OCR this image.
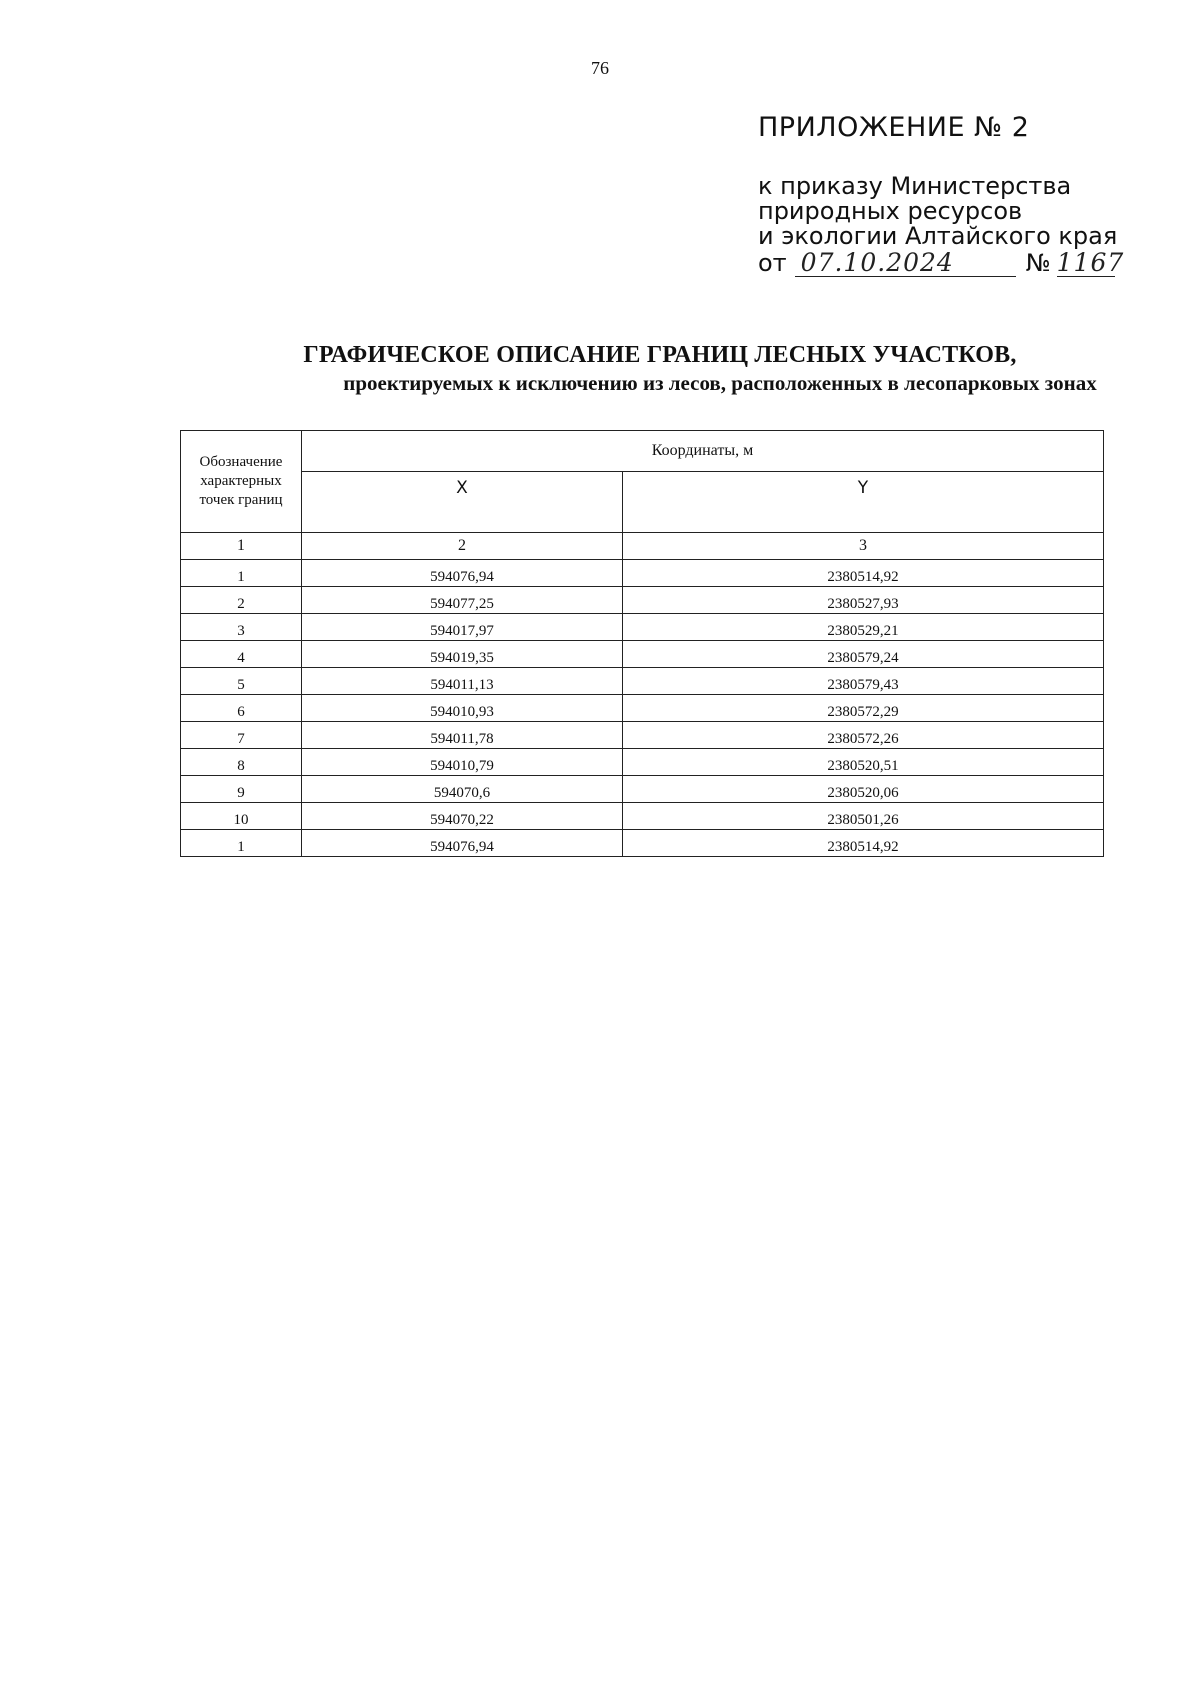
76
ПРИЛОЖЕНИЕ № 2
к приказу Министерства
природных ресурсов
и экологии Алтайского края
от 07.10.2024	№ 1167
ГРАФИЧЕСКОЕ ОПИСАНИЕ ГРАНИЦ ЛЕСНЫХ УЧАСТКОВ,
проектируемых к исключению из лесов, расположенных в лесопарковых зонах
Обозначение характерных точек границ	Координаты, м	
	X	Y
1	2	3
1	594076,94	2380514,92
2	594077,25	2380527,93
3	594017,97	2380529,21
4	594019,35	2380579,24
5	594011,13	2380579,43
6	594010,93	2380572,29
7	594011,78	2380572,26
8	594010,79	2380520,51
9	594070,6	2380520,06
10	594070,22	2380501,26
1	594076,94	2380514,92
